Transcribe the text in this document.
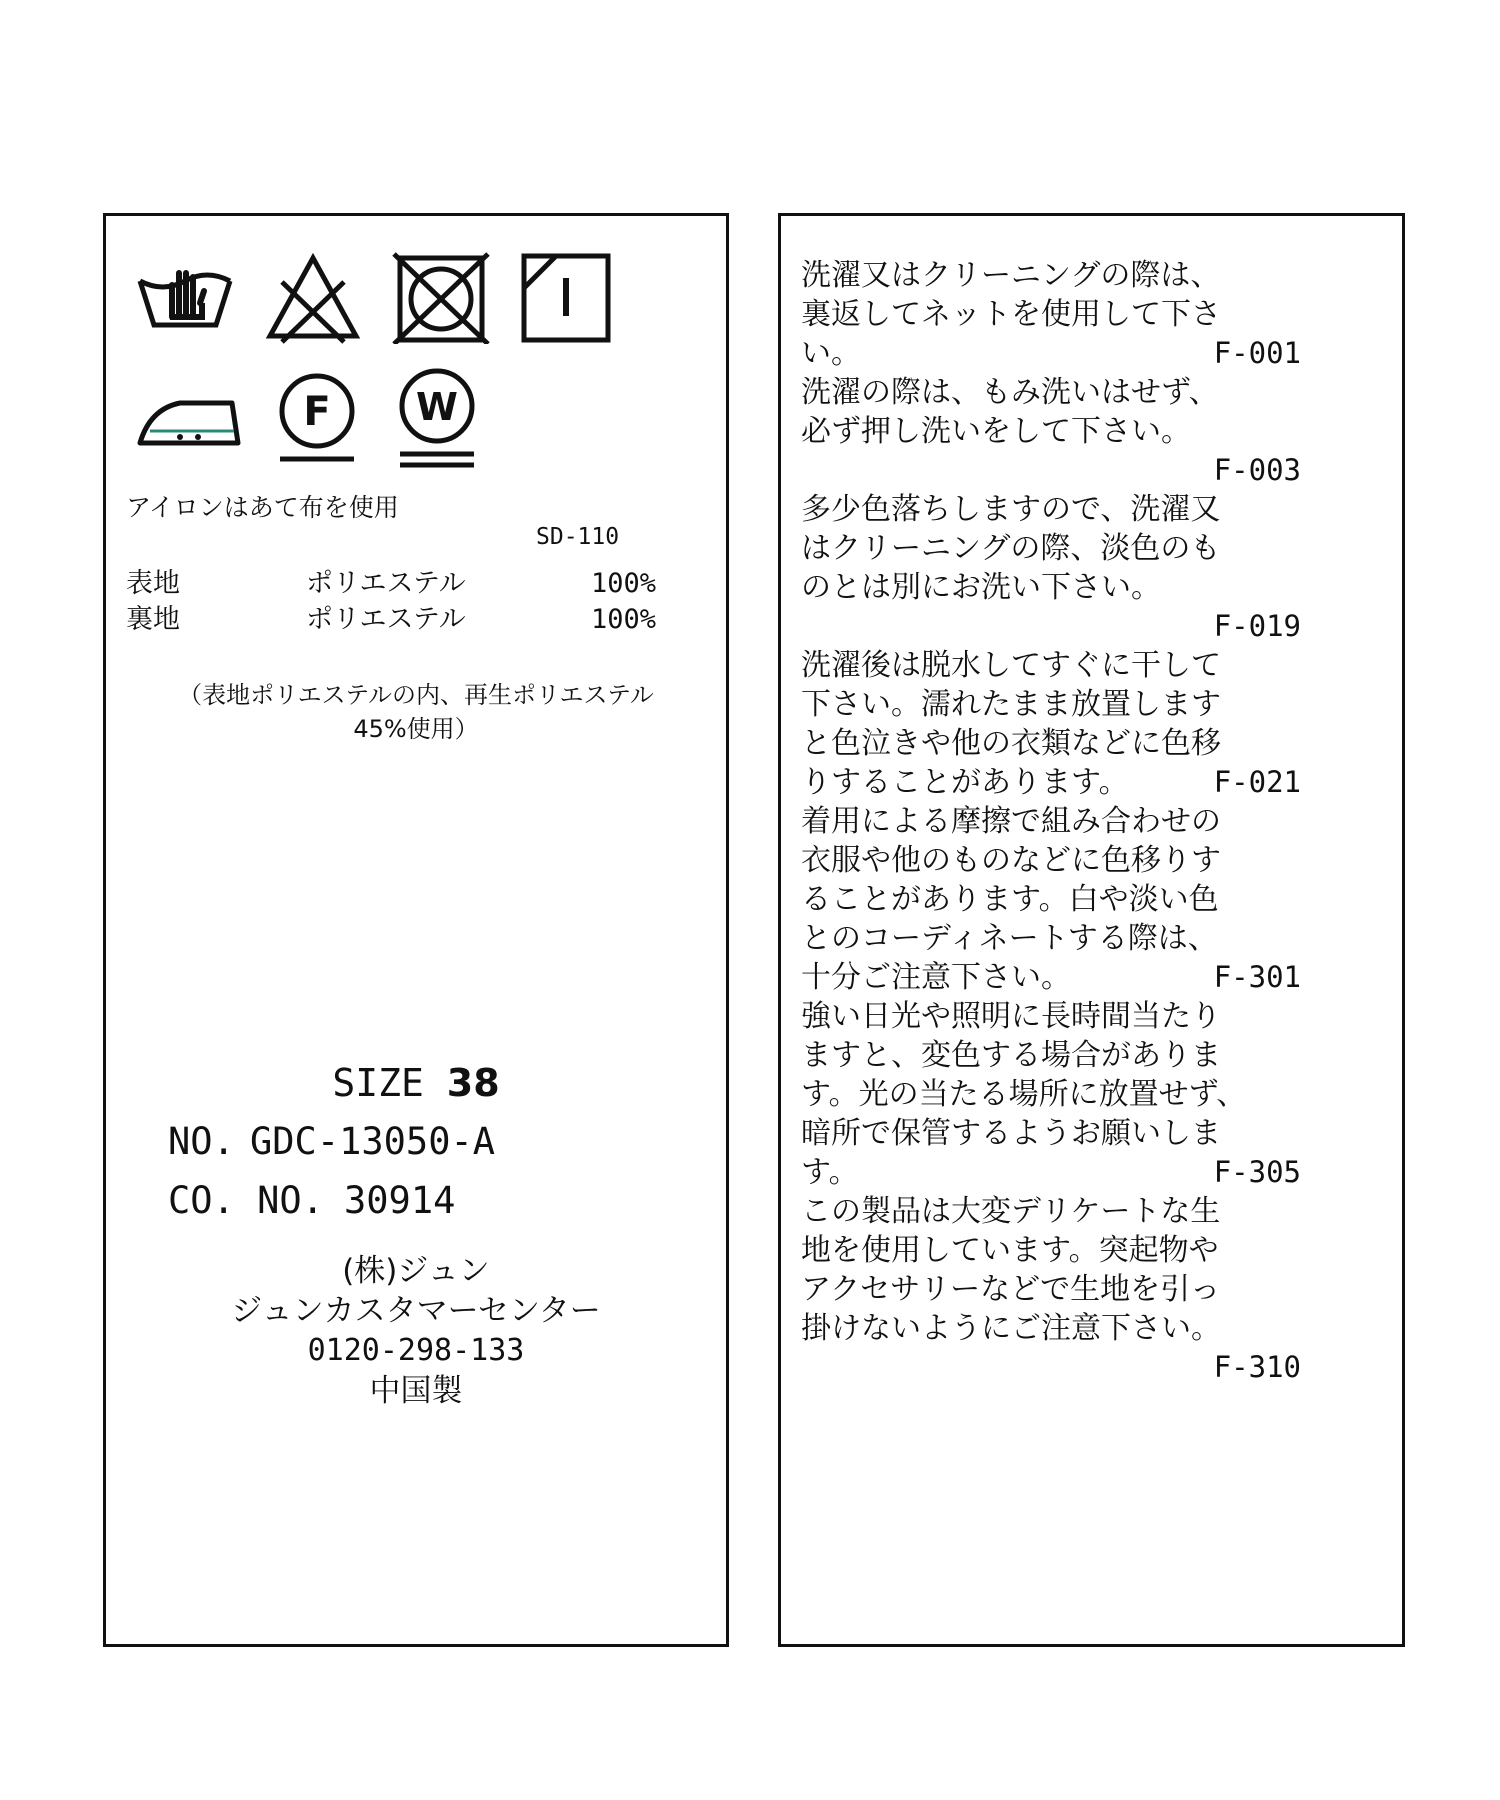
F W
アイロンはあて布を使用
SD-110
表地	ポリエステル	100%
裏地	ポリエステル	100%
（表地ポリエステルの内、再生ポリエステル
45%使用）
SIZE 38
NO. GDC-13050-A
CO. NO. 30914
(株)ジュン
ジュンカスタマーセンター
0120-298-133
中国製

洗濯又はクリーニングの際は、

裏返してネットを使用して下さ

F-001
い。

洗濯の際は、もみ洗いはせず、

必ず押し洗いをして下さい。

F-003

多少色落ちしますので、洗濯又

はクリーニングの際、淡色のも

のとは別にお洗い下さい。

F-019

洗濯後は脱水してすぐに干して

下さい。濡れたまま放置します

と色泣きや他の衣類などに色移

F-021
りすることがあります。

着用による摩擦で組み合わせの

衣服や他のものなどに色移りす

ることがあります。白や淡い色

とのコーディネートする際は、

F-301
十分ご注意下さい。

強い日光や照明に長時間当たり

ますと、変色する場合がありま

す。光の当たる場所に放置せず、

暗所で保管するようお願いしま

F-305
す。

この製品は大変デリケートな生

地を使用しています。突起物や

アクセサリーなどで生地を引っ

掛けないようにご注意下さい。

F-310
